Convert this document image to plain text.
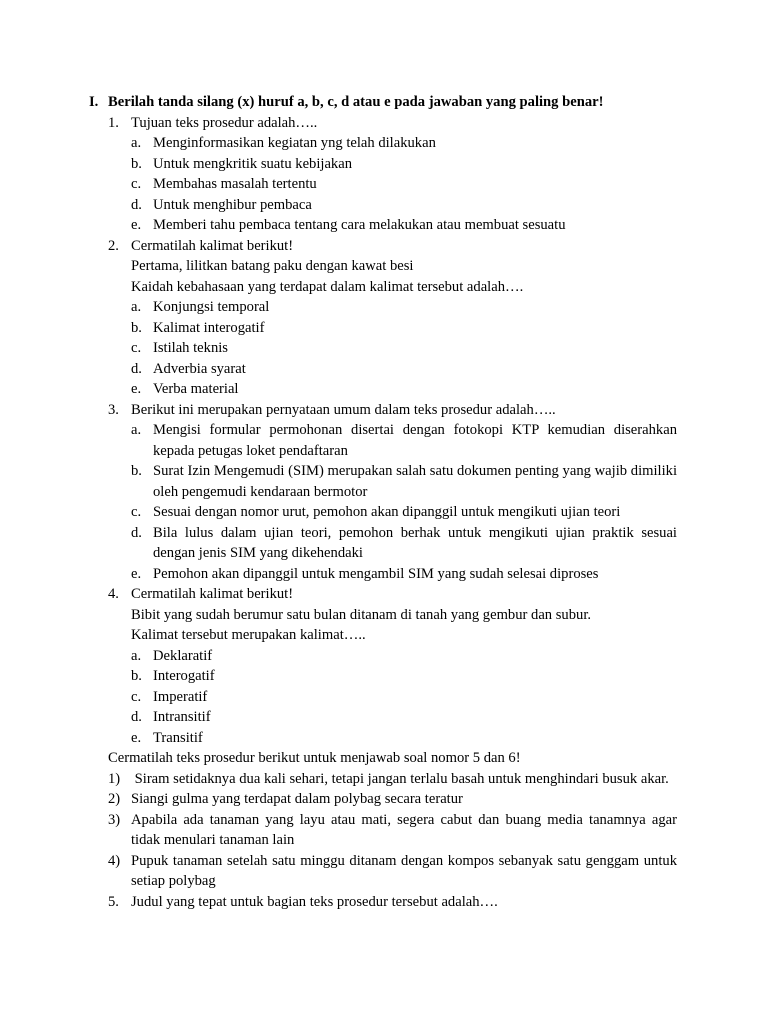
I. Berilah tanda silang (x) huruf a, b, c, d atau e pada jawaban yang paling benar!
1. Tujuan teks prosedur adalah…..
a. Menginformasikan kegiatan yng telah dilakukan
b. Untuk mengkritik suatu kebijakan
c. Membahas masalah tertentu
d. Untuk menghibur pembaca
e. Memberi tahu pembaca tentang cara melakukan atau membuat sesuatu
2. Cermatilah kalimat berikut!
Pertama, lilitkan batang paku dengan kawat besi
Kaidah kebahasaan yang terdapat dalam kalimat tersebut adalah….
a. Konjungsi temporal
b. Kalimat interogatif
c. Istilah teknis
d. Adverbia syarat
e. Verba material
3. Berikut ini merupakan pernyataan umum dalam teks prosedur adalah…..
a. Mengisi formular permohonan disertai dengan fotokopi KTP kemudian diserahkan kepada petugas loket pendaftaran
b. Surat Izin Mengemudi (SIM) merupakan salah satu dokumen penting yang wajib dimiliki oleh pengemudi kendaraan bermotor
c. Sesuai dengan nomor urut, pemohon akan dipanggil untuk mengikuti ujian teori
d. Bila lulus dalam ujian teori, pemohon berhak untuk mengikuti ujian praktik sesuai dengan jenis SIM yang dikehendaki
e. Pemohon akan dipanggil untuk mengambil SIM yang sudah selesai diproses
4. Cermatilah kalimat berikut!
Bibit yang sudah berumur satu bulan ditanam di tanah yang gembur dan subur.
Kalimat tersebut merupakan kalimat…..
a. Deklaratif
b. Interogatif
c. Imperatif
d. Intransitif
e. Transitif
Cermatilah teks prosedur berikut untuk menjawab soal nomor 5 dan 6!
1) Siram setidaknya dua kali sehari, tetapi jangan terlalu basah untuk menghindari busuk akar.
2) Siangi gulma yang terdapat dalam polybag secara teratur
3) Apabila ada tanaman yang layu atau mati, segera cabut dan buang media tanamnya agar tidak menulari tanaman lain
4) Pupuk tanaman setelah satu minggu ditanam dengan kompos sebanyak satu genggam untuk setiap polybag
5. Judul yang tepat untuk bagian teks prosedur tersebut adalah….
